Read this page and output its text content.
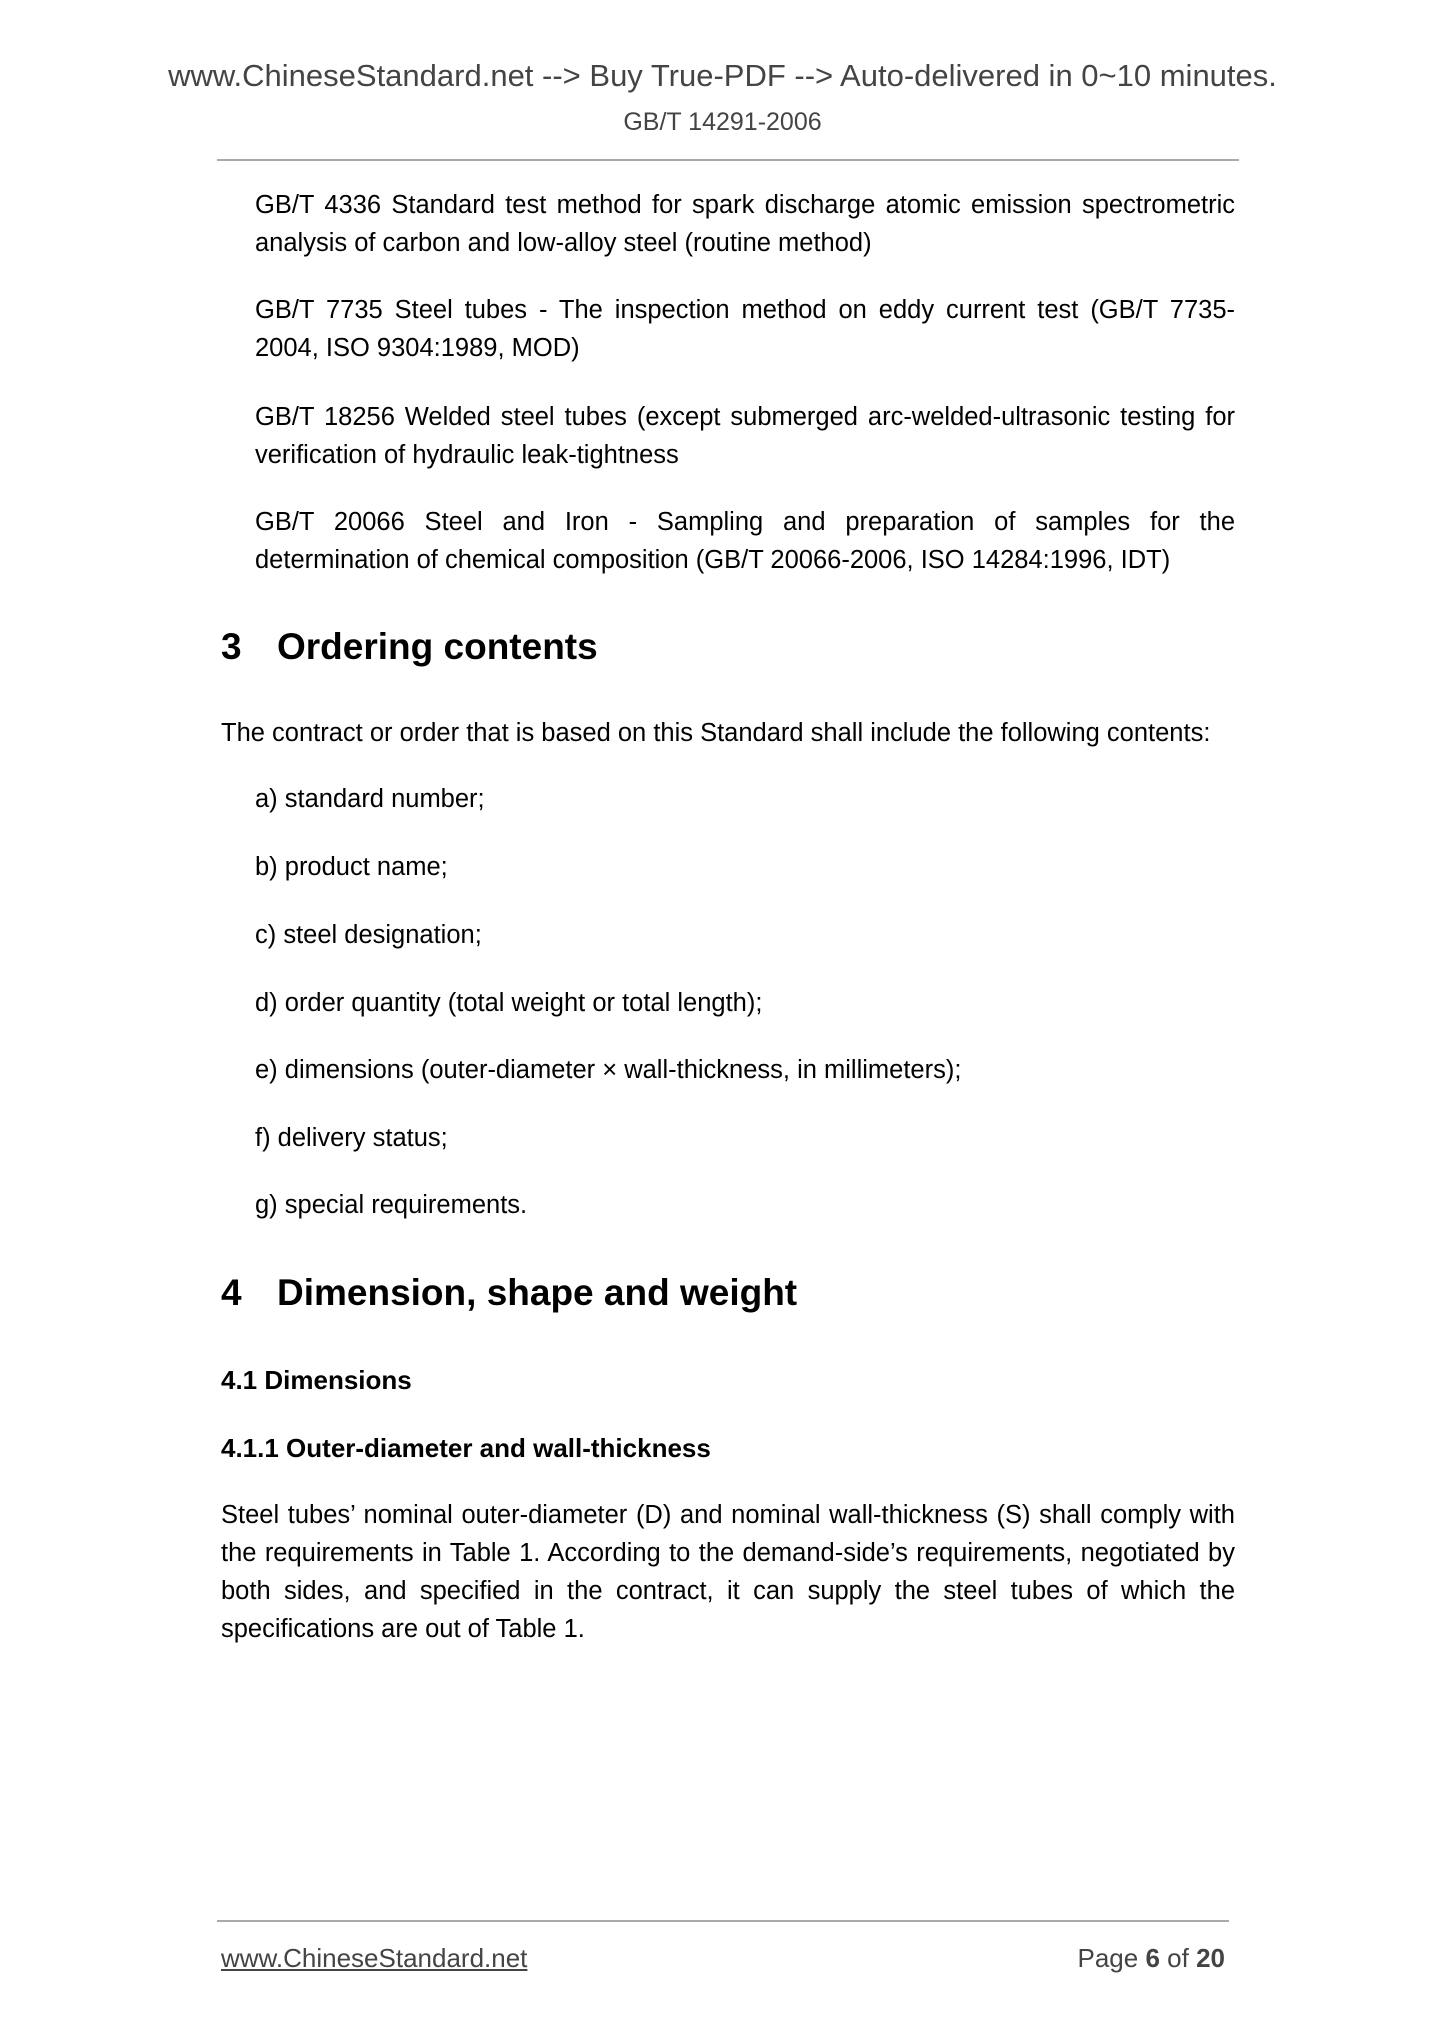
www.ChineseStandard.net --> Buy True-PDF --> Auto-delivered in 0~10 minutes.
GB/T 14291-2006
GB/T 4336 Standard test method for spark discharge atomic emission spectrometric analysis of carbon and low-alloy steel (routine method)
GB/T 7735 Steel tubes - The inspection method on eddy current test (GB/T 7735-2004, ISO 9304:1989, MOD)
GB/T 18256 Welded steel tubes (except submerged arc-welded-ultrasonic testing for verification of hydraulic leak-tightness
GB/T 20066 Steel and Iron - Sampling and preparation of samples for the determination of chemical composition (GB/T 20066-2006, ISO 14284:1996, IDT)
3 Ordering contents
The contract or order that is based on this Standard shall include the following contents:
a) standard number;
b) product name;
c) steel designation;
d) order quantity (total weight or total length);
e) dimensions (outer-diameter × wall-thickness, in millimeters);
f) delivery status;
g) special requirements.
4 Dimension, shape and weight
4.1 Dimensions
4.1.1 Outer-diameter and wall-thickness
Steel tubes’ nominal outer-diameter (D) and nominal wall-thickness (S) shall comply with the requirements in Table 1. According to the demand-side’s requirements, negotiated by both sides, and specified in the contract, it can supply the steel tubes of which the specifications are out of Table 1.
www.ChineseStandard.net	Page 6 of 20
